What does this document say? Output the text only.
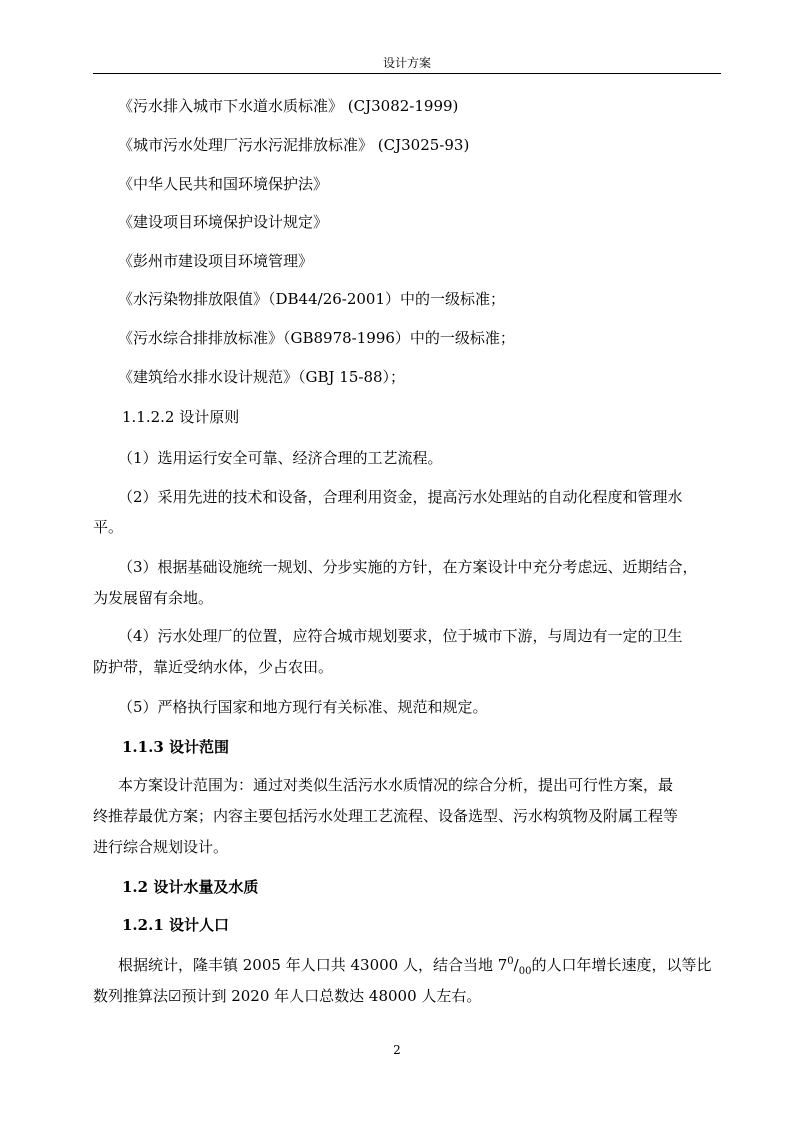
设计方案
《污水排入城市下水道水质标准》 (CJ3082-1999)
《城市污水处理厂污水污泥排放标准》 (CJ3025-93)
《中华人民共和国环境保护法》
《建设项目环境保护设计规定》
《彭州市建设项目环境管理》
《水污染物排放限值》（DB44/26-2001）中的一级标准；
《污水综合排排放标准》（GB8978-1996）中的一级标准；
《建筑给水排水设计规范》（GBJ 15-88）；
1.1.2.2 设计原则
（1）选用运行安全可靠、经济合理的工艺流程。
（2）采用先进的技术和设备，合理利用资金，提高污水处理站的自动化程度和管理水
平。
（3）根据基础设施统一规划、分步实施的方针，在方案设计中充分考虑远、近期结合，
为发展留有余地。
（4）污水处理厂的位置，应符合城市规划要求，位于城市下游，与周边有一定的卫生
防护带，靠近受纳水体，少占农田。
（5）严格执行国家和地方现行有关标准、规范和规定。
1.1.3 设计范围
本方案设计范围为：通过对类似生活污水水质情况的综合分析，提出可行性方案，最
终推荐最优方案；内容主要包括污水处理工艺流程、设备选型、污水构筑物及附属工程等
进行综合规划设计。
1.2 设计水量及水质
1.2.1 设计人口
根据统计，隆丰镇 2005 年人口共 43000 人，结合当地 $7^0/_{00}$的人口年增长速度，以等比
数列推算法☑预计到 2020 年人口总数达 48000 人左右。
2
